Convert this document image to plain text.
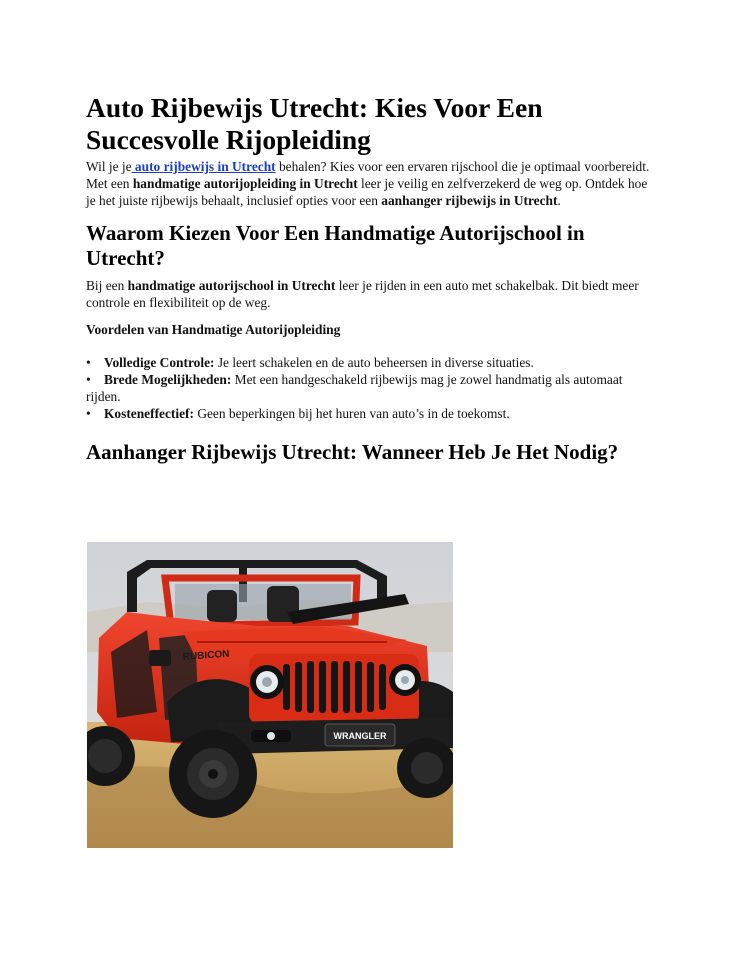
Auto Rijbewijs Utrecht: Kies Voor Een Succesvolle Rijopleiding

Wil je je auto rijbewijs in Utrecht behalen? Kies voor een ervaren rijschool die je optimaal voorbereidt. Met een handmatige autorijopleiding in Utrecht leer je veilig en zelfverzekerd de weg op. Ontdek hoe je het juiste rijbewijs behaalt, inclusief opties voor een aanhanger rijbewijs in Utrecht.

Waarom Kiezen Voor Een Handmatige Autorijschool in Utrecht?

Bij een handmatige autorijschool in Utrecht leer je rijden in een auto met schakelbak. Dit biedt meer controle en flexibiliteit op de weg.

Voordelen van Handmatige Autorijopleiding
• Volledige Controle: Je leert schakelen en de auto beheersen in diverse situaties.
• Brede Mogelijkheden: Met een handgeschakeld rijbewijs mag je zowel handmatig als automaat rijden.
• Kosteneffectief: Geen beperkingen bij het huren van auto’s in de toekomst.
Aanhanger Rijbewijs Utrecht: Wanneer Heb Je Het Nodig?
RUBICON
WRANGLER
